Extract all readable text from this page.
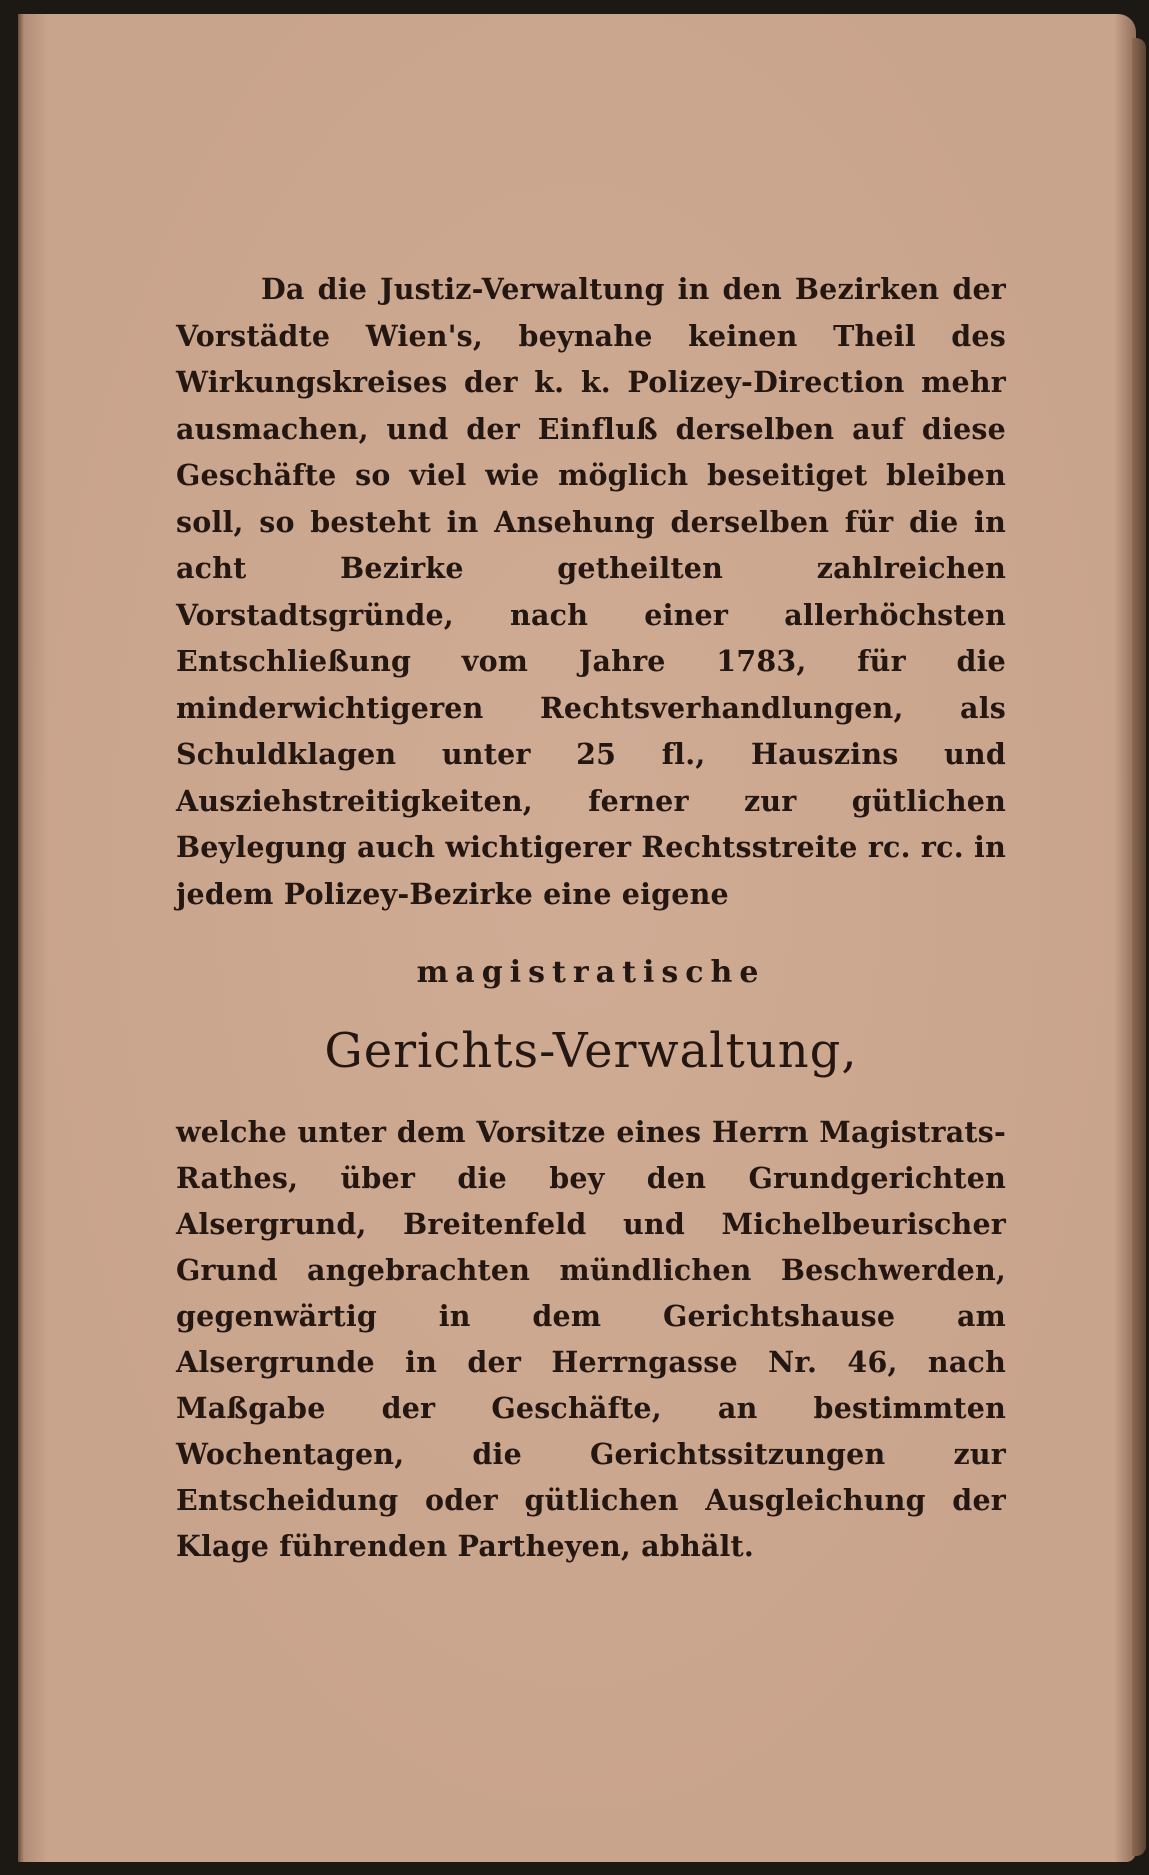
Da die Justiz-Verwaltung in den Bezirken der Vorstädte Wien's, beynahe keinen Theil des Wirkungskreises der k. k. Polizey-Direction mehr ausmachen, und der Einfluß derselben auf diese Geschäfte so viel wie möglich beseitiget bleiben soll, so besteht in Ansehung derselben für die in acht Bezirke getheilten zahlreichen Vorstadtsgründe, nach einer allerhöchsten Entschließung vom Jahre 1783, für die minderwichtigeren Rechtsverhandlungen, als Schuldklagen unter 25 fl., Hauszins und Ausziehstreitigkeiten, ferner zur gütlichen Beylegung auch wichtigerer Rechtsstreite rc. rc. in jedem Polizey-Bezirke eine eigene

magistratische
Gerichts-Verwaltung,

welche unter dem Vorsitze eines Herrn Magistrats-Rathes, über die bey den Grundgerichten Alsergrund, Breitenfeld und Michelbeurischer Grund angebrachten mündlichen Beschwerden, gegenwärtig in dem Gerichtshause am Alsergrunde in der Herrngasse Nr. 46, nach Maßgabe der Geschäfte, an bestimmten Wochentagen, die Gerichtssitzungen zur Entscheidung oder gütlichen Ausgleichung der Klage führenden Partheyen, abhält.
